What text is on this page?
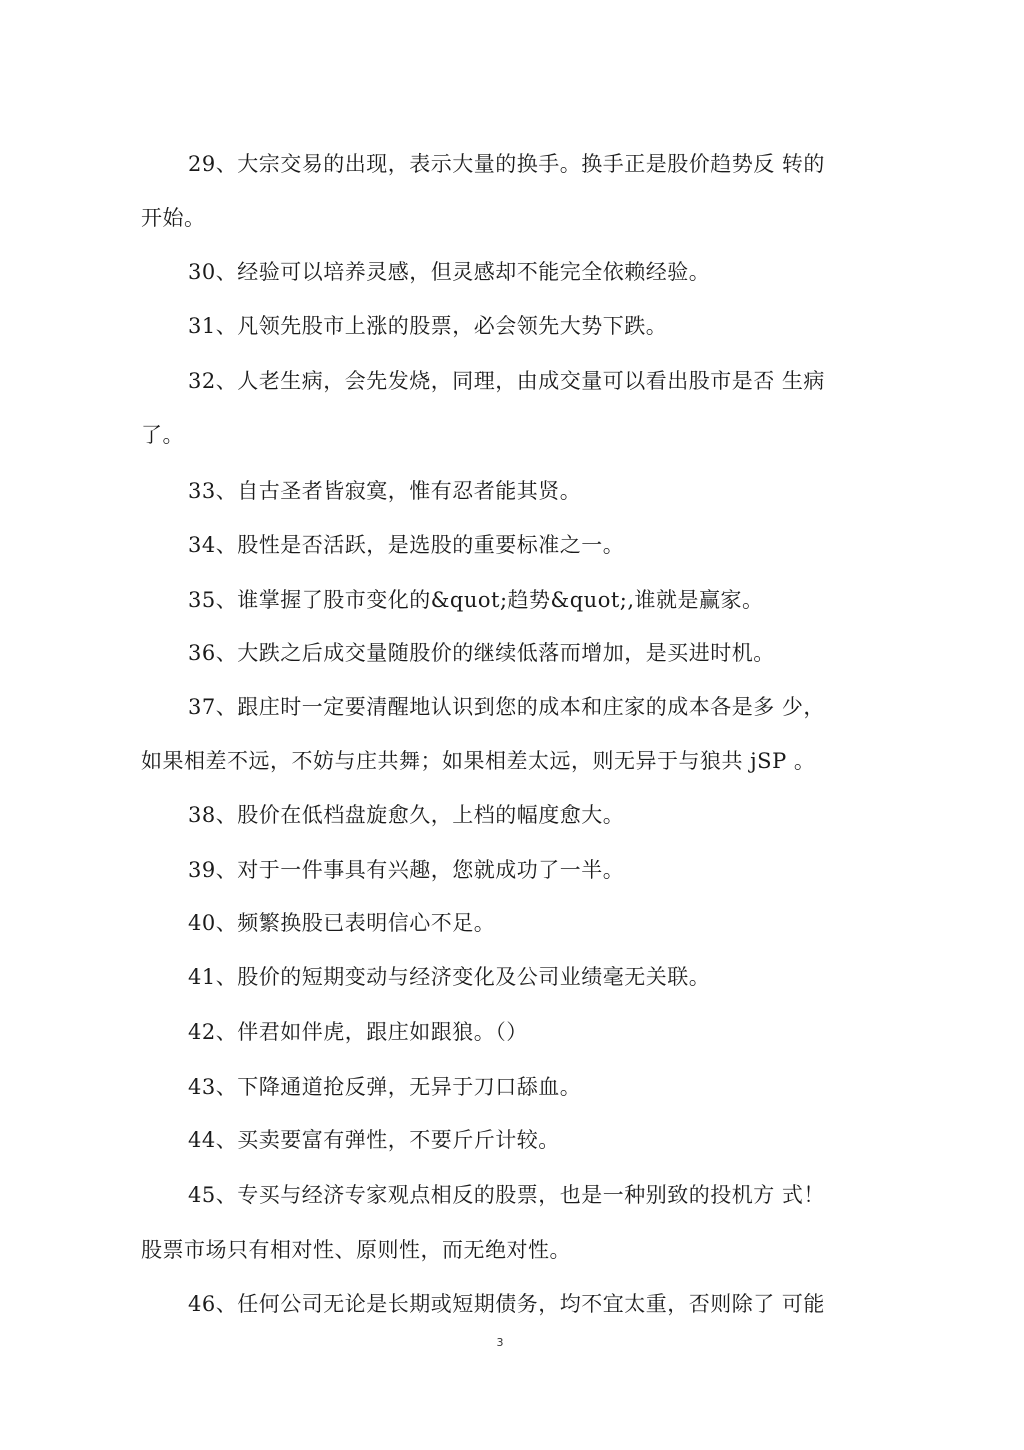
29、大宗交易的出现，表示大量的换手。换手正是股价趋势反 转的
开始。
30、经验可以培养灵感，但灵感却不能完全依赖经验。
31、凡领先股市上涨的股票，必会领先大势下跌。
32、人老生病，会先发烧，同理，由成交量可以看出股市是否 生病
了。
33、自古圣者皆寂寞，惟有忍者能其贤。
34、股性是否活跃，是选股的重要标准之一。
35、谁掌握了股市变化的&quot;趋势&quot;,谁就是赢家。
36、大跌之后成交量随股价的继续低落而增加，是买进时机。
37、跟庄时一定要清醒地认识到您的成本和庄家的成本各是多 少，
如果相差不远，不妨与庄共舞；如果相差太远，则无异于与狼共 jSP 。
38、股价在低档盘旋愈久，上档的幅度愈大。
39、对于一件事具有兴趣，您就成功了一半。
40、频繁换股已表明信心不足。
41、股价的短期变动与经济变化及公司业绩毫无关联。
42、伴君如伴虎，跟庄如跟狼。（）
43、下降通道抢反弹，无异于刀口舔血。
44、买卖要富有弹性，不要斤斤计较。
45、专买与经济专家观点相反的股票，也是一种别致的投机方 式！
股票市场只有相对性、原则性，而无绝对性。
46、任何公司无论是长期或短期债务，均不宜太重，否则除了 可能
3
